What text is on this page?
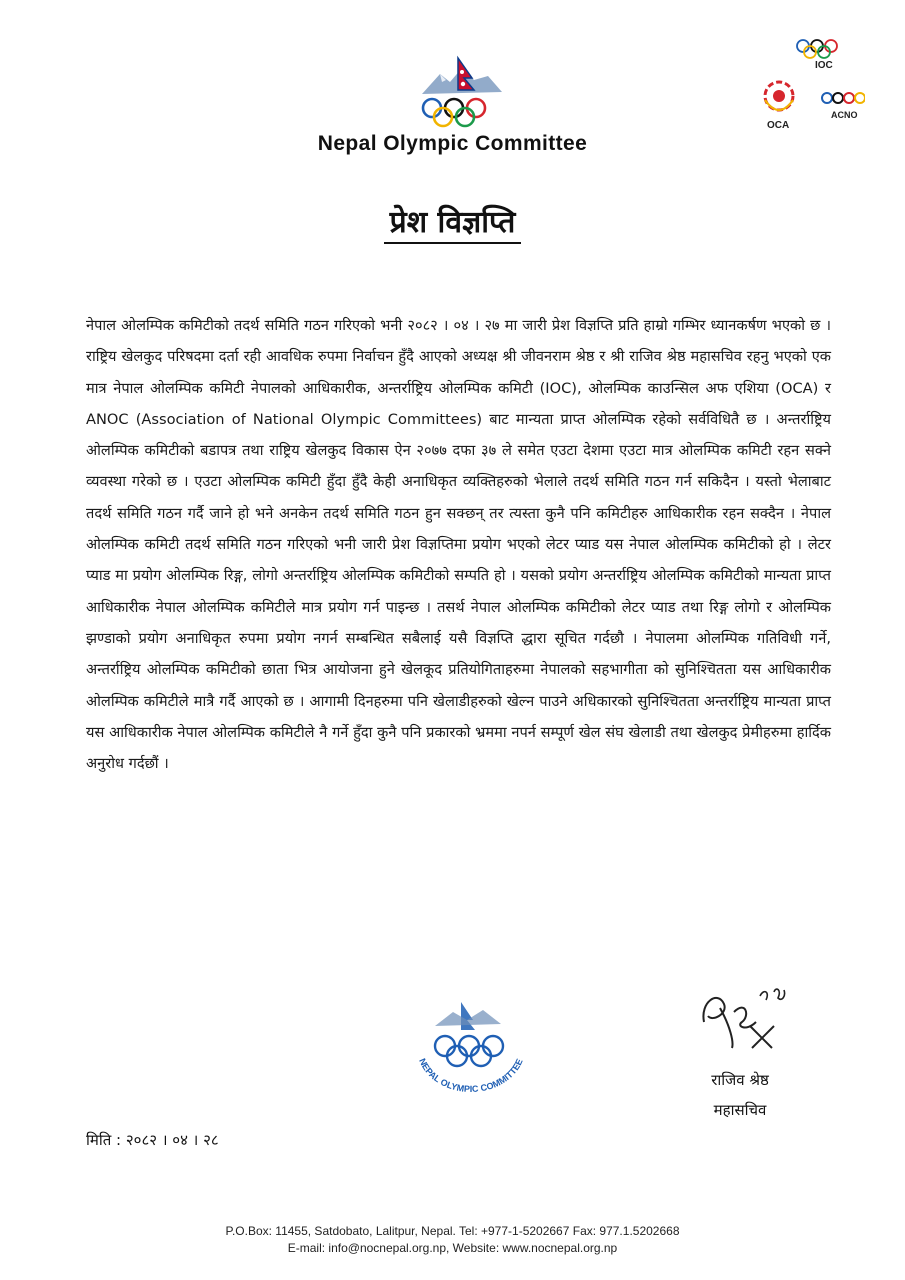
Nepal Olympic Committee
IOC
OCA
ACNO
प्रेश विज्ञप्ति
नेपाल ओलम्पिक कमिटीको तदर्थ समिति गठन गरिएको भनी २०८२ । ०४ । २७ मा जारी प्रेश विज्ञप्ति प्रति हाम्रो गम्भिर ध्यानकर्षण भएको छ । राष्ट्रिय खेलकुद परिषदमा दर्ता रही आवधिक रुपमा निर्वाचन हुँदै आएको अध्यक्ष श्री जीवनराम श्रेष्ठ र श्री राजिव श्रेष्ठ महासचिव रहनु भएको एक मात्र नेपाल ओलम्पिक कमिटी नेपालको आधिकारीक, अन्तर्राष्ट्रिय ओलम्पिक कमिटी (IOC), ओलम्पिक काउन्सिल अफ एशिया (OCA) र ANOC (Association of National Olympic Committees) बाट मान्यता प्राप्त ओलम्पिक रहेको सर्वविधितै छ । अन्तर्राष्ट्रिय ओलम्पिक कमिटीको बडापत्र तथा राष्ट्रिय खेलकुद विकास ऐन २०७७ दफा ३७ ले समेत एउटा देशमा एउटा मात्र ओलम्पिक कमिटी रहन सक्ने व्यवस्था गरेको छ । एउटा ओलम्पिक कमिटी हुँदा हुँदै केही अनाधिकृत व्यक्तिहरुको भेलाले तदर्थ समिति गठन गर्न सकिदैन । यस्तो भेलाबाट तदर्थ समिति गठन गर्दै जाने हो भने अनकेन तदर्थ समिति गठन हुन सक्छन् तर त्यस्ता कुनै पनि कमिटीहरु आधिकारीक रहन सक्दैन । नेपाल ओलम्पिक कमिटी तदर्थ समिति गठन गरिएको भनी जारी प्रेश विज्ञप्तिमा प्रयोग भएको लेटर प्याड यस नेपाल ओलम्पिक कमिटीको हो । लेटर प्याड मा प्रयोग ओलम्पिक रिङ्ग, लोगो अन्तर्राष्ट्रिय ओलम्पिक कमिटीको सम्पति हो । यसको प्रयोग अन्तर्राष्ट्रिय ओलम्पिक कमिटीको मान्यता प्राप्त आधिकारीक नेपाल ओलम्पिक कमिटीले मात्र प्रयोग गर्न पाइन्छ । तसर्थ नेपाल ओलम्पिक कमिटीको लेटर प्याड तथा रिङ्ग लोगो र ओलम्पिक झण्डाको प्रयोग अनाधिकृत रुपमा प्रयोग नगर्न सम्बन्धित सबैलाई यसै विज्ञप्ति द्धारा सूचित गर्दछौ । नेपालमा ओलम्पिक गतिविधी गर्ने, अन्तर्राष्ट्रिय ओलम्पिक कमिटीको छाता भित्र आयोजना हुने खेलकूद प्रतियोगिताहरुमा नेपालको सहभागीता को सुनिश्चितता यस आधिकारीक ओलम्पिक कमिटीले मात्रै गर्दै आएको छ । आगामी दिनहरुमा पनि खेलाडीहरुको खेल्न पाउने अधिकारको सुनिश्चितता अन्तर्राष्ट्रिय मान्यता प्राप्त यस आधिकारीक नेपाल ओलम्पिक कमिटीले नै गर्ने हुँदा कुनै पनि प्रकारको भ्रममा नपर्न सम्पूर्ण खेल संघ खेलाडी तथा खेलकुद प्रेमीहरुमा हार्दिक अनुरोध गर्दछौं ।
NEPAL OLYMPIC COMMITTEE
राजिव श्रेष्ठ
महासचिव
मिति : २०८२ । ०४ । २८
P.O.Box: 11455, Satdobato, Lalitpur, Nepal. Tel: +977-1-5202667 Fax: 977.1.5202668
E-mail: info@nocnepal.org.np, Website: www.nocnepal.org.np
